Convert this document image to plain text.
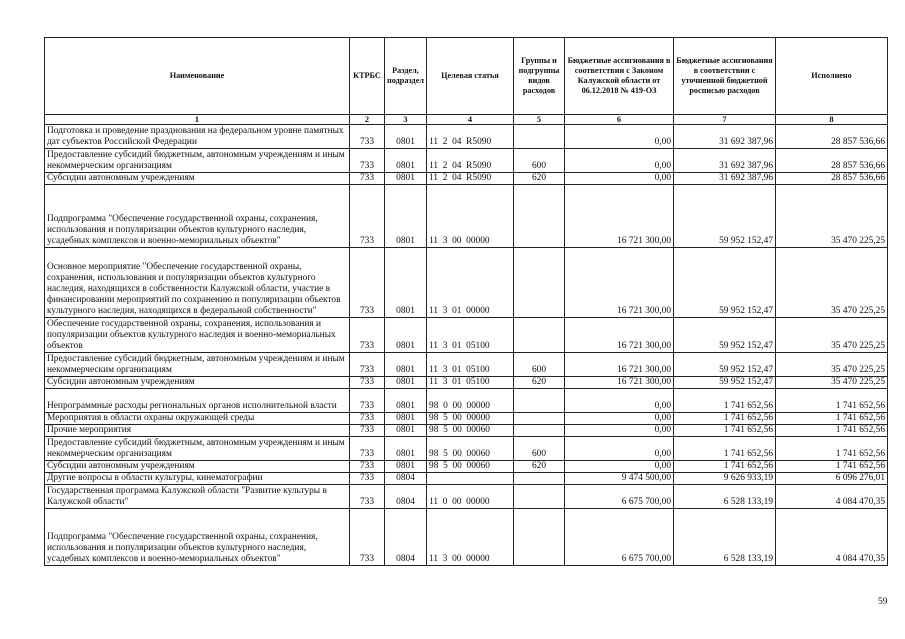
Наименование	КТРБС	Раздел, подраздел	Целевая статья	Группы и подгруппы видов расходов	Бюджетные ассигнования в соответствии с Законом Калужской области от 06.12.2018 № 419-ОЗ	Бюджетные ассигнования в соответствии с уточненной бюджетной росписью расходов	Исполнено
1	2	3	4	5	6	7	8
Подготовка и проведение празднования на федеральном уровне памятных дат субъектов Российской Федерации	733	0801	11  2  04  R5090		0,00	31 692 387,96	28 857 536,66
Предоставление субсидий бюджетным, автономным учреждениям и иным некоммерческим организациям	733	0801	11  2  04  R5090	600	0,00	31 692 387,96	28 857 536,66
Субсидии автономным учреждениям	733	0801	11  2  04  R5090	620	0,00	31 692 387,96	28 857 536,66
Подпрограмма "Обеспечение государственной охраны, сохранения, использования и популяризации объектов культурного наследия, усадебных комплексов и военно-мемориальных объектов"	733	0801	11  3  00  00000		16 721 300,00	59 952 152,47	35 470 225,25
Основное мероприятие "Обеспечение государственной охраны, сохранения, использования и популяризации объектов культурного наследия, находящихся в собственности Калужской области, участие в финансировании мероприятий по сохранению и популяризации объектов культурного наследия, находящихся в федеральной собственности"	733	0801	11  3  01  00000		16 721 300,00	59 952 152,47	35 470 225,25
Обеспечение государственной охраны, сохранения, использования и популяризации объектов культурного наследия и военно-мемориальных объектов	733	0801	11  3  01  05100		16 721 300,00	59 952 152,47	35 470 225,25
Предоставление субсидий бюджетным, автономным учреждениям и иным некоммерческим организациям	733	0801	11  3  01  05100	600	16 721 300,00	59 952 152,47	35 470 225,25
Субсидии автономным учреждениям	733	0801	11  3  01  05100	620	16 721 300,00	59 952 152,47	35 470 225,25
Непрограммные расходы региональных органов исполнительной власти	733	0801	98  0  00  00000		0,00	1 741 652,56	1 741 652,56
Мероприятия в области охраны окружающей среды	733	0801	98  5  00  00000		0,00	1 741 652,56	1 741 652,56
Прочие мероприятия	733	0801	98  5  00  00060		0,00	1 741 652,56	1 741 652,56
Предоставление субсидий бюджетным, автономным учреждениям и иным некоммерческим организациям	733	0801	98  5  00  00060	600	0,00	1 741 652,56	1 741 652,56
Субсидии автономным учреждениям	733	0801	98  5  00  00060	620	0,00	1 741 652,56	1 741 652,56
Другие вопросы в области культуры, кинематографии	733	0804			9 474 500,00	9 626 933,19	6 096 276,01
Государственная программа Калужской области "Развитие культуры в Калужской области"	733	0804	11  0  00  00000		6 675 700,00	6 528 133,19	4 084 470,35
Подпрограмма "Обеспечение государственной охраны, сохранения, использования и популяризации объектов культурного наследия, усадебных комплексов и военно-мемориальных объектов"	733	0804	11  3  00  00000		6 675 700,00	6 528 133,19	4 084 470,35
59
